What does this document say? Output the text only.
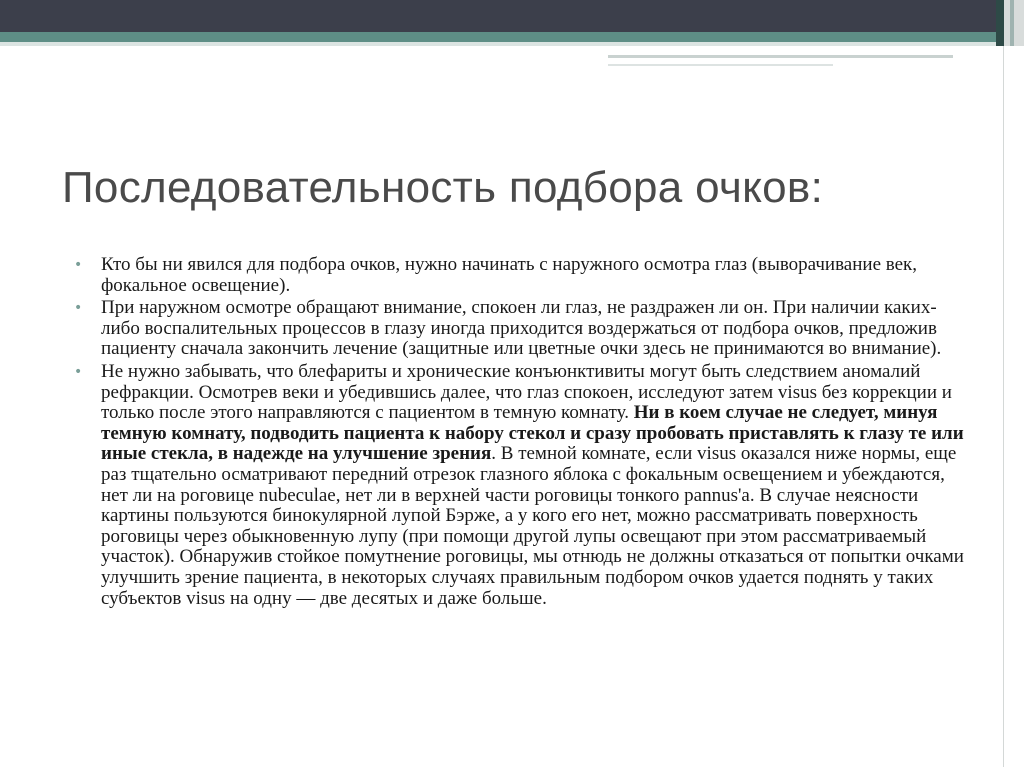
Последовательность подбора очков:
• Кто бы ни явился для подбора очков, нужно начинать с наружного осмотра глаз (выворачивание век, фокальное освещение).
• При наружном осмотре обращают внимание, спокоен ли глаз, не раздражен ли он. При наличии каких-либо воспалительных процессов в глазу иногда приходится воздержаться от подбора очков, предложив пациенту сначала закончить лечение (защитные или цветные очки здесь не принимаются во внимание).
• Не нужно забывать, что блефариты и хронические конъюнктивиты могут быть следствием аномалий рефракции. Осмотрев веки и убедившись далее, что глаз спокоен, исследуют затем visus без коррекции и только после этого направляются с пациентом в темную комнату. Ни в коем случае не следует, минуя темную комнату, подводить пациента к набору стекол и сразу пробовать приставлять к глазу те или иные стекла, в надежде на улучшение зрения. В темной комнате, если visus оказался ниже нормы, еще раз тщательно осматривают передний отрезок глазного яблока с фокальным освещением и убеждаются, нет ли на роговице nubeculae, нет ли в верхней части роговицы тонкого pannus'a. В случае неясности картины пользуются бинокулярной лупой Бэрже, а у кого его нет, можно рассматривать поверхность роговицы через обыкновенную лупу (при помощи другой лупы освещают при этом рассматриваемый участок). Обнаружив стойкое помутнение роговицы, мы отнюдь не должны отказаться от попытки очками улучшить зрение пациента, в некоторых случаях правильным подбором очков удается поднять у таких субъектов visus на одну — две десятых и даже больше.
